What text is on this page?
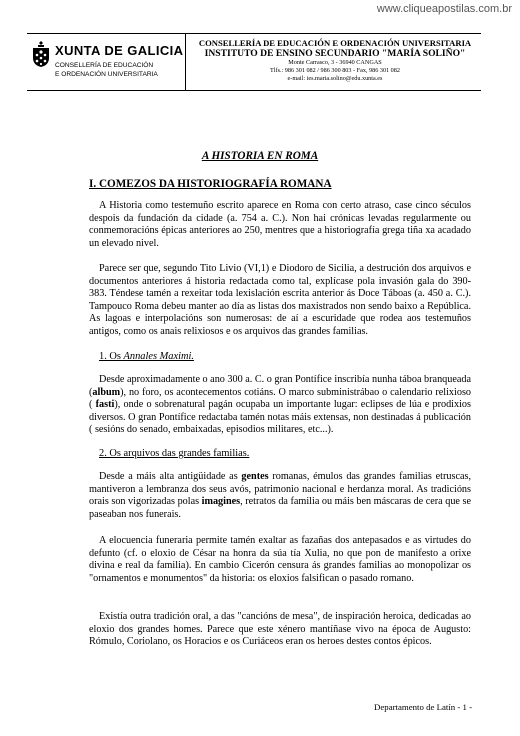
www.cliqueapostilas.com.br
XUNTA DE GALICIA
CONSELLERÍA DE EDUCACIÓN
E ORDENACIÓN UNIVERSITARIA
CONSELLERÍA DE EDUCACIÓN E ORDENACIÓN UNIVERSITARIA
INSTITUTO DE ENSINO SECUNDARIO "MARÍA SOLIÑO"
Monte Carrasco, 3 - 36940 CANGAS
Tlfs.: 986 301 082 / 986 300 803 - Fax, 986 301 082
e-mail: ies.maria.solino@edu.xunta.es
A HISTORIA EN ROMA
I. COMEZOS DA HISTORIOGRAFÍA ROMANA
A Historia como testemuño escrito aparece en Roma con certo atraso, case cinco séculos despois da fundación da cidade (a. 754 a. C.). Non hai crónicas levadas regularmente ou conmemoracións épicas anteriores ao 250, mentres que a historiografía grega tiña xa acadado un elevado nivel.
Parece ser que, segundo Tito Livio (VI,1) e Diodoro de Sicilia, a destrución dos arquivos e documentos anteriores á historia redactada como tal, explícase pola invasión gala do 390-383. Téndese tamén a rexeitar toda lexislación escrita anterior ás Doce Táboas (a. 450 a. C.). Tampouco Roma debeu manter ao día as listas dos maxistrados non sendo baixo a República. As lagoas e interpolacións son numerosas: de aí a escuridade que rodea aos testemuños antigos, como os anais relixiosos e os arquivos das grandes familias.
1. Os Annales Maximi.
Desde aproximadamente o ano 300 a. C. o gran Pontífice inscribía nunha táboa branqueada (album), no foro, os acontecementos cotiáns. O marco subministrábao o calendario relixioso ( fasti), onde o sobrenatural pagán ocupaba un importante lugar: eclipses de lúa e prodixios diversos. O gran Pontífice redactaba tamén notas máis extensas, non destinadas á publicación ( sesións do senado, embaixadas, episodios militares, etc...).
2. Os arquivos das grandes familias.
Desde a máis alta antigüidade as gentes romanas, émulos das grandes familias etruscas, mantiveron a lembranza dos seus avós, patrimonio nacional e herdanza moral. As tradicións orais son vigorizadas polas imagines, retratos da familia ou máis ben máscaras de cera que se paseaban nos funerais.
A elocuencia funeraria permite tamén exaltar as fazañas dos antepasados e as virtudes do defunto (cf. o eloxio de César na honra da súa tía Xulia, no que pon de manifesto a orixe divina e real da familia). En cambio Cicerón censura ás grandes familias ao monopolizar os "ornamentos e monumentos" da historia: os eloxios falsifican o pasado romano.
Existía outra tradición oral, a das "cancións de mesa", de inspiración heroica, dedicadas ao eloxio dos grandes homes. Parece que este xénero mantíñase vivo na época de Augusto: Rómulo, Coriolano, os Horacios e os Curiáceos eran os heroes destes contos épicos.
Departamento de Latín - 1 -
